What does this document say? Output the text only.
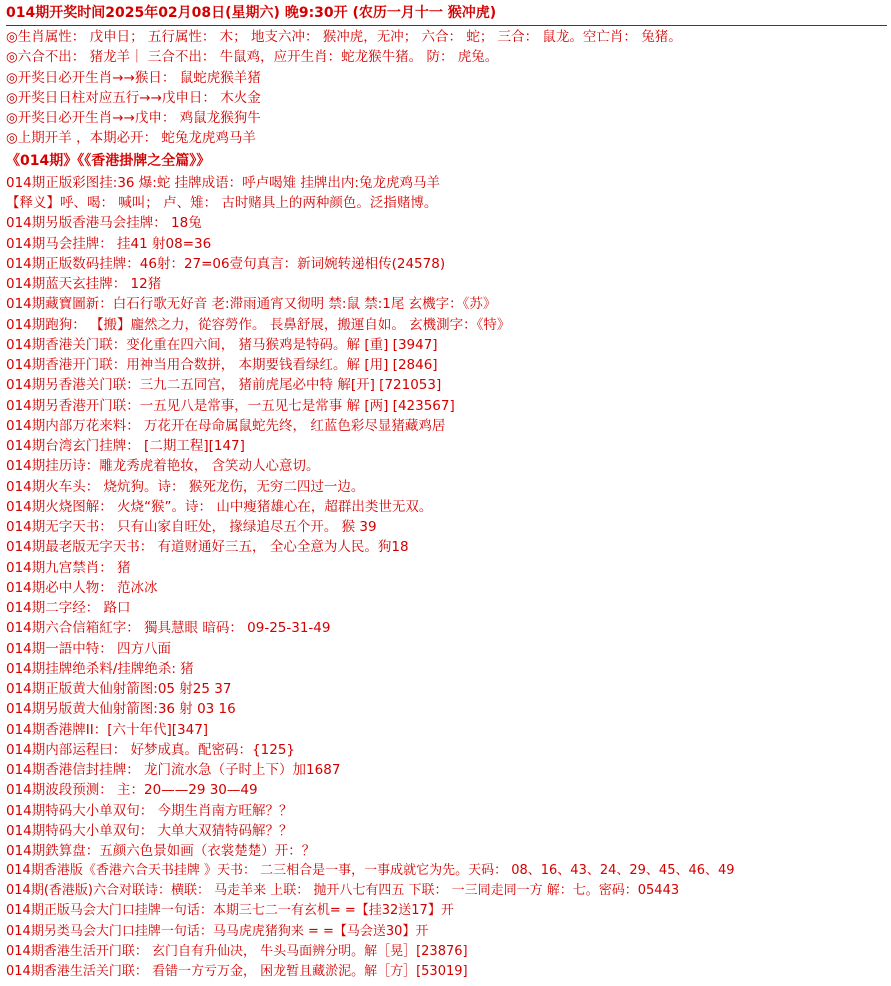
014期开奖时间2025年02月08日(星期六) 晚9:30开 (农历一月十一 猴冲虎)
◎生肖属性： 戊申日； 五行属性： 木； 地支六冲： 猴冲虎，无冲； 六合： 蛇； 三合： 鼠龙。空亡肖： 兔猪。
◎六合不出： 猪龙羊｜ 三合不出： 牛鼠鸡，应开生肖：蛇龙猴牛猪。 防： 虎兔。
◎开奖日必开生肖→→猴日： 鼠蛇虎猴羊猪
◎开奖日日柱对应五行→→戊申日： 木火金
◎开奖日必开生肖→→戊申： 鸡鼠龙猴狗牛
◎上期开羊 ，本期必开： 蛇兔龙虎鸡马羊
《014期》《《香港掛牌之全篇》》
014期正版彩图挂:36 爆:蛇 挂牌成语：呼卢喝雉 挂牌出内:兔龙虎鸡马羊
【释义】呼、喝： 喊叫； 卢、雉： 古时赌具上的两种颜色。泛指赌博。
014期另版香港马会挂牌： 18兔
014期马会挂牌： 挂41 射08=36
014期正版数码挂牌：46射：27=06壹句真言：新词婉转递相传(24578)
014期蓝天玄挂牌： 12猪
014期藏寶圖新：白石行歌无好音 老:滞雨通宵又彻明 禁:鼠 禁:1尾 玄機字：《苏》
014期跑狗： 【搬】龐然之力，從容勞作。 長鼻舒展，搬運自如。 玄機測字：《特》
014期香港关门联：变化重在四六间， 猪马猴鸡是特码。解 [重] [3947]
014期香港开门联：用神当用合数拼， 本期要钱看绿红。解 [用] [2846]
014期另香港关门联：三九二五同宫， 猪前虎尾必中特 解[开] [721053]
014期另香港开门联：一五见八是常事，一五见七是常事 解 [两] [423567]
014期内部万花来料： 万花开在母命属鼠蛇先终， 红蓝色彩尽显猪藏鸡居
014期台湾玄门挂牌： [二期工程][147]
014期挂历诗：雕龙秀虎着艳妆， 含笑动人心意切。
014期火车头： 烧炕狗。诗： 猴死龙伤，无穷二四过一边。
014期火烧图解： 火烧“猴”。诗： 山中瘦猪雄心在，超群出类世无双。
014期无字天书： 只有山家自旺处， 掾绿追尽五个开。 猴 39
014期最老版无字天书： 有道财通好三五， 全心全意为人民。狗18
014期九宫禁肖： 猪
014期必中人物： 范冰冰
014期二字经： 路口
014期六合信箱紅字： 獨具慧眼 暗码： 09-25-31-49
014期一語中特： 四方八面
014期挂牌绝杀料/挂牌绝杀: 猪
014期正版黄大仙射箭图:05 射25 37
014期另版黄大仙射箭图:36 射 03 16
014期香港牌II：[六十年代][347]
014期内部运程曰： 好梦成真。配密码：{125}
014期香港信封挂牌： 龙门流水急（子时上下）加1687
014期波段预测： 主：20——29 30—49
014期特码大小单双句： 今期生肖南方旺解？？
014期特码大小单双句： 大单大双猜特码解？？
014期鉄算盘：五颜六色景如画（衣裳楚楚）开：？
014期香港版《香港六合天书挂牌 》天书： 二三相合是一事，一事成就它为先。天码： 08、16、43、24、29、45、46、49
014期(香港版)六合对联诗：横联： 马走羊来 上联： 抛开八七有四五 下联： 一三同走同一方 解：七。密码：05443
014期正版马会大门口挂牌一句话：本期三七二一有玄机= =【挂32送17】开
014期另类马会大门口挂牌一句话：马马虎虎猪狗来 = =【马会送30】开
014期香港生活开门联： 玄门自有升仙决， 牛头马面辨分明。解［晃］[23876]
014期香港生活关门联： 看错一方亏万金， 困龙暂且藏淤泥。解［方］[53019]
